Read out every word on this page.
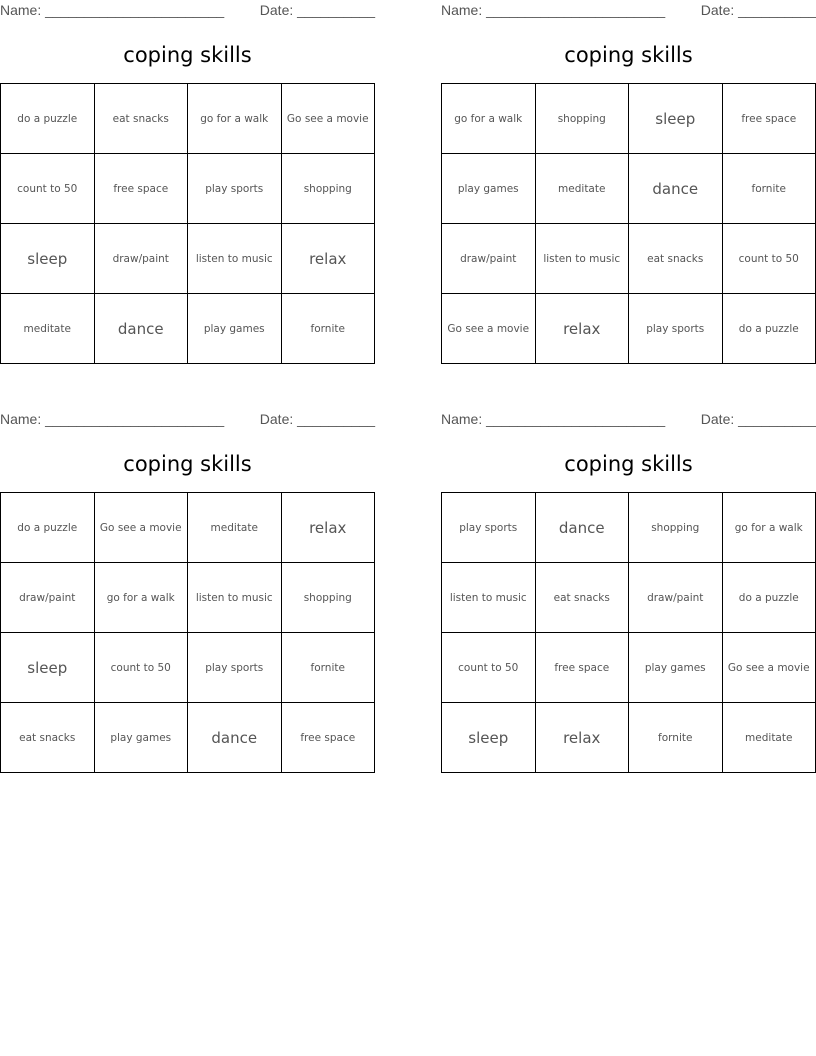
Name: _______________________	Date: __________
coping skills
do a puzzle	eat snacks	go for a walk	Go see a movie
count to 50	free space	play sports	shopping
sleep	draw/paint	listen to music	relax
meditate	dance	play games	fornite
Name: _______________________	Date: __________
coping skills
go for a walk	shopping	sleep	free space
play games	meditate	dance	fornite
draw/paint	listen to music	eat snacks	count to 50
Go see a movie	relax	play sports	do a puzzle
Name: _______________________	Date: __________
coping skills
do a puzzle	Go see a movie	meditate	relax
draw/paint	go for a walk	listen to music	shopping
sleep	count to 50	play sports	fornite
eat snacks	play games	dance	free space
Name: _______________________	Date: __________
coping skills
play sports	dance	shopping	go for a walk
listen to music	eat snacks	draw/paint	do a puzzle
count to 50	free space	play games	Go see a movie
sleep	relax	fornite	meditate
